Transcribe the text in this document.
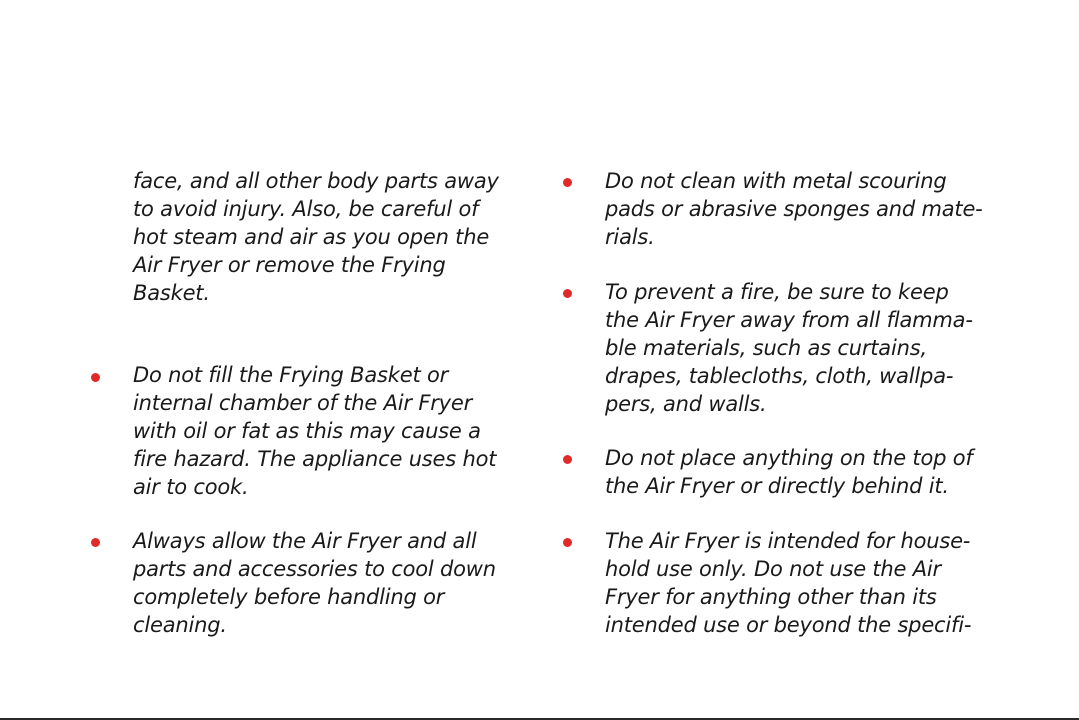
face, and all other body parts away
to avoid injury. Also, be careful of
hot steam and air as you open the
Air Fryer or remove the Frying
Basket.

Do not fill the Frying Basket or
internal chamber of the Air Fryer
with oil or fat as this may cause a
fire hazard. The appliance uses hot
air to cook.

Always allow the Air Fryer and all
parts and accessories to cool down
completely before handling or
cleaning.

Do not clean with metal scouring
pads or abrasive sponges and mate-
rials.

To prevent a fire, be sure to keep
the Air Fryer away from all flamma-
ble materials, such as curtains,
drapes, tablecloths, cloth, wallpa-
pers, and walls.

Do not place anything on the top of
the Air Fryer or directly behind it.

The Air Fryer is intended for house-
hold use only. Do not use the Air
Fryer for anything other than its
intended use or beyond the specifi-
